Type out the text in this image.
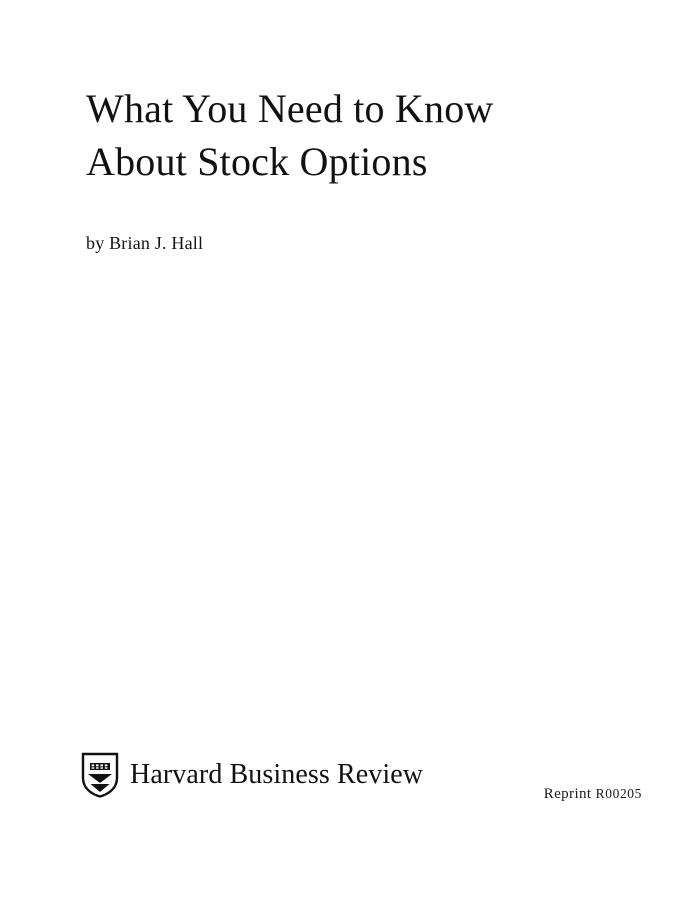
What You Need to Know
About Stock Options
by Brian J. Hall
Harvard Business Review
Reprint R00205
